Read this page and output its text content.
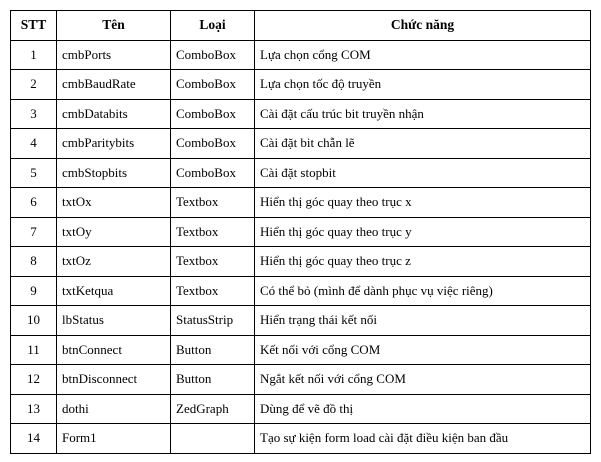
STT	Tên	Loại	Chức năng
1	cmbPorts	ComboBox	Lựa chọn cổng COM
2	cmbBaudRate	ComboBox	Lựa chọn tốc độ truyền
3	cmbDatabits	ComboBox	Cài đặt cấu trúc bit truyền nhận
4	cmbParitybits	ComboBox	Cài đặt bit chẵn lẽ
5	cmbStopbits	ComboBox	Cài đặt stopbit
6	txtOx	Textbox	Hiển thị góc quay theo trục x
7	txtOy	Textbox	Hiển thị góc quay theo trục y
8	txtOz	Textbox	Hiển thị góc quay theo trục z
9	txtKetqua	Textbox	Có thể bỏ (mình để dành phục vụ việc riêng)
10	lbStatus	StatusStrip	Hiển trạng thái kết nối
11	btnConnect	Button	Kết nối với cổng COM
12	btnDisconnect	Button	Ngắt kết nối với cổng COM
13	dothi	ZedGraph	Dùng để vẽ đồ thị
14	Form1		Tạo sự kiện form load cài đặt điều kiện ban đầu
